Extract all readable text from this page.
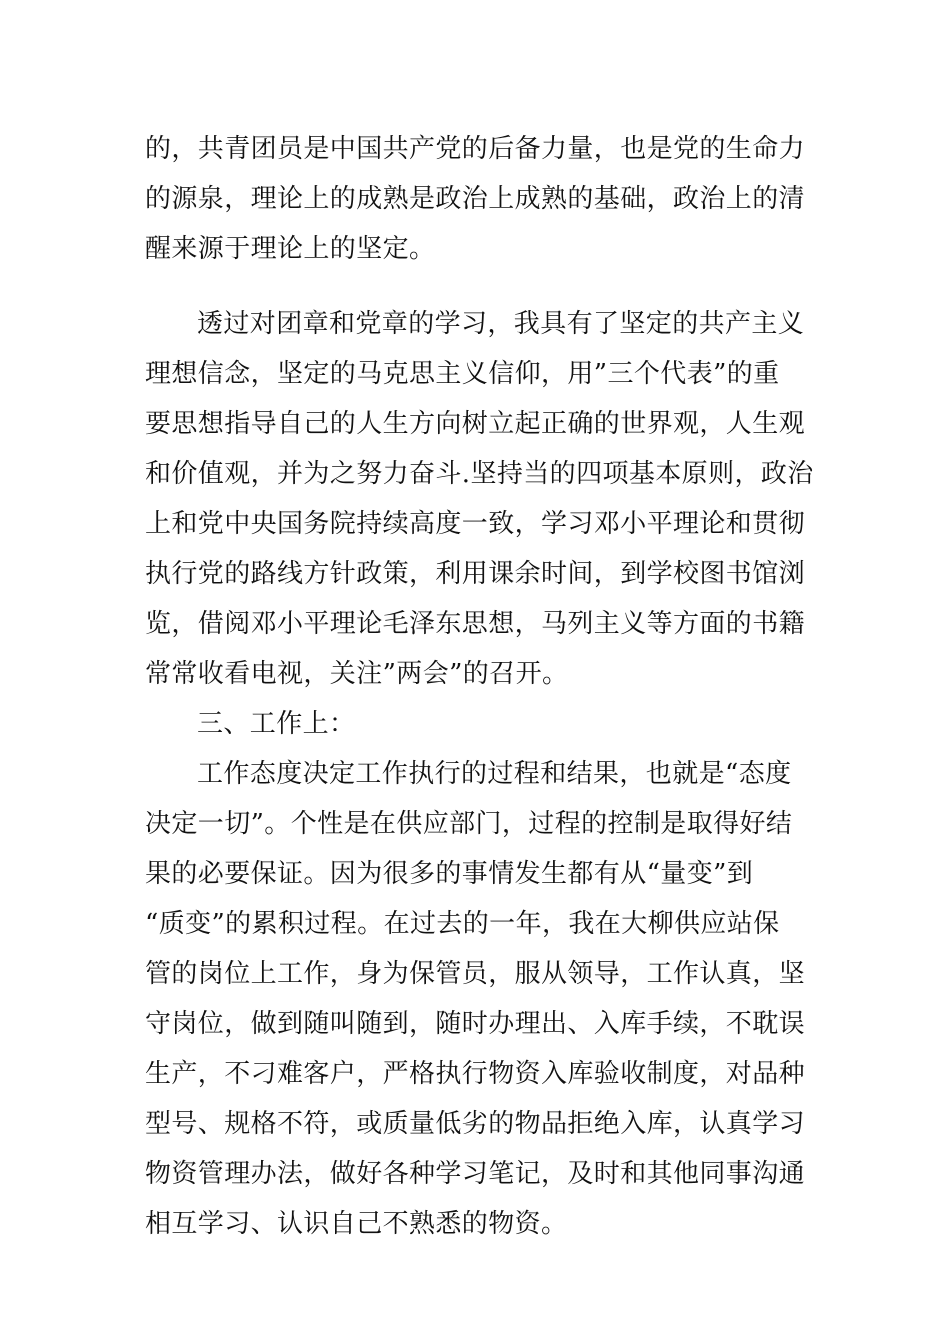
的，共青团员是中国共产党的后备力量，也是党的生命力
的源泉，理论上的成熟是政治上成熟的基础，政治上的清
醒来源于理论上的坚定。
透过对团章和党章的学习，我具有了坚定的共产主义
理想信念，坚定的马克思主义信仰，用”三个代表”的重
要思想指导自己的人生方向树立起正确的世界观，人生观
和价值观，并为之努力奋斗.坚持当的四项基本原则，政治
上和党中央国务院持续高度一致，学习邓小平理论和贯彻
执行党的路线方针政策，利用课余时间，到学校图书馆浏
览，借阅邓小平理论毛泽东思想，马列主义等方面的书籍
常常收看电视，关注”两会”的召开。
三、工作上：
工作态度决定工作执行的过程和结果，也就是“态度
决定一切”。个性是在供应部门，过程的控制是取得好结
果的必要保证。因为很多的事情发生都有从“量变”到
“质变”的累积过程。在过去的一年，我在大柳供应站保
管的岗位上工作，身为保管员，服从领导，工作认真，坚
守岗位，做到随叫随到，随时办理出、入库手续，不耽误
生产，不刁难客户，严格执行物资入库验收制度，对品种
型号、规格不符，或质量低劣的物品拒绝入库，认真学习
物资管理办法，做好各种学习笔记，及时和其他同事沟通
相互学习、认识自己不熟悉的物资。
